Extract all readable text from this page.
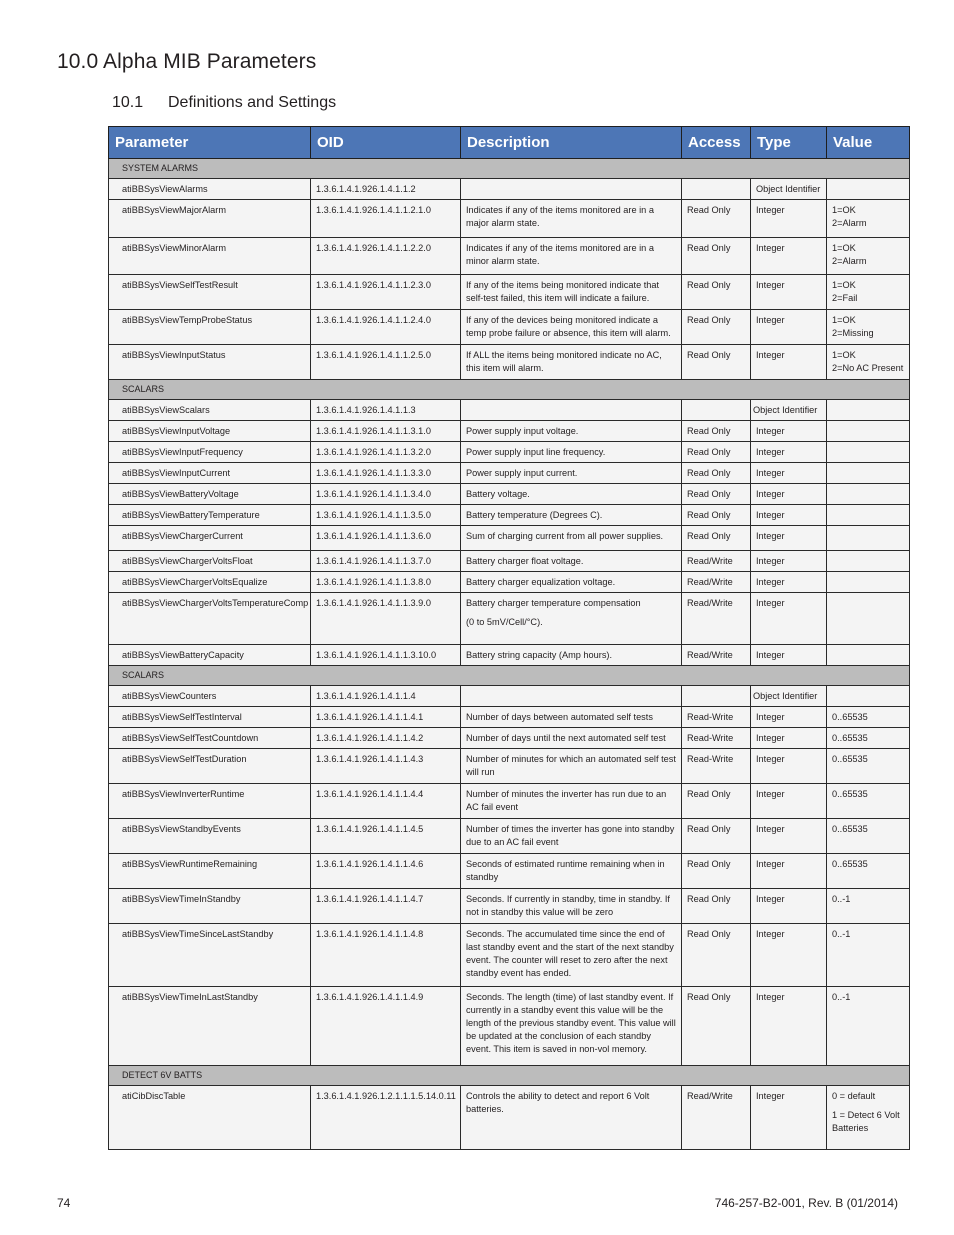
10.0 Alpha MIB Parameters
10.1 Definitions and Settings
Parameter	OID	Description	Access	Type	Value
SYSTEM ALARMS					
atiBBSysViewAlarms	1.3.6.1.4.1.926.1.4.1.1.2			Object Identifier	
atiBBSysViewMajorAlarm	1.3.6.1.4.1.926.1.4.1.1.2.1.0	Indicates if any of the items monitored are in a major alarm state.	Read Only	Integer	1=OK
2=Alarm
atiBBSysViewMinorAlarm	1.3.6.1.4.1.926.1.4.1.1.2.2.0	Indicates if any of the items monitored are in a minor alarm state.	Read Only	Integer	1=OK
2=Alarm
atiBBSysViewSelfTestResult	1.3.6.1.4.1.926.1.4.1.1.2.3.0	If any of the items being monitored indicate that self-test failed, this item will indicate a failure.	Read Only	Integer	1=OK
2=Fail
atiBBSysViewTempProbeStatus	1.3.6.1.4.1.926.1.4.1.1.2.4.0	If any of the devices being monitored indicate a temp probe failure or absence, this item will alarm.	Read Only	Integer	1=OK
2=Missing
atiBBSysViewInputStatus	1.3.6.1.4.1.926.1.4.1.1.2.5.0	If ALL the items being monitored indicate no AC, this item will alarm.	Read Only	Integer	1=OK
2=No AC Present
SCALARS					
atiBBSysViewScalars	1.3.6.1.4.1.926.1.4.1.1.3			Object Identifier	
atiBBSysViewInputVoltage	1.3.6.1.4.1.926.1.4.1.1.3.1.0	Power supply input voltage.	Read Only	Integer	
atiBBSysViewInputFrequency	1.3.6.1.4.1.926.1.4.1.1.3.2.0	Power supply input line frequency.	Read Only	Integer	
atiBBSysViewInputCurrent	1.3.6.1.4.1.926.1.4.1.1.3.3.0	Power supply input current.	Read Only	Integer	
atiBBSysViewBatteryVoltage	1.3.6.1.4.1.926.1.4.1.1.3.4.0	Battery voltage.	Read Only	Integer	
atiBBSysViewBatteryTemperature	1.3.6.1.4.1.926.1.4.1.1.3.5.0	Battery temperature (Degrees C).	Read Only	Integer	
atiBBSysViewChargerCurrent	1.3.6.1.4.1.926.1.4.1.1.3.6.0	Sum of charging current from all power supplies.	Read Only	Integer	
atiBBSysViewChargerVoltsFloat	1.3.6.1.4.1.926.1.4.1.1.3.7.0	Battery charger float voltage.	Read/Write	Integer	
atiBBSysViewChargerVoltsEqualize	1.3.6.1.4.1.926.1.4.1.1.3.8.0	Battery charger equalization voltage.	Read/Write	Integer	
atiBBSysViewChargerVoltsTemperatureComp	1.3.6.1.4.1.926.1.4.1.1.3.9.0	Battery charger temperature compensation
(0 to 5mV/Cell/°C).	Read/Write	Integer	
atiBBSysViewBatteryCapacity	1.3.6.1.4.1.926.1.4.1.1.3.10.0	Battery string capacity (Amp hours).	Read/Write	Integer	
SCALARS					
atiBBSysViewCounters	1.3.6.1.4.1.926.1.4.1.1.4			Object Identifier	
atiBBSysViewSelfTestInterval	1.3.6.1.4.1.926.1.4.1.1.4.1	Number of days between automated self tests	Read-Write	Integer	0..65535
atiBBSysViewSelfTestCountdown	1.3.6.1.4.1.926.1.4.1.1.4.2	Number of days until the next automated self test	Read-Write	Integer	0..65535
atiBBSysViewSelfTestDuration	1.3.6.1.4.1.926.1.4.1.1.4.3	Number of minutes for which an automated self test will run	Read-Write	Integer	0..65535
atiBBSysViewInverterRuntime	1.3.6.1.4.1.926.1.4.1.1.4.4	Number of minutes the inverter has run due to an AC fail event	Read Only	Integer	0..65535
atiBBSysViewStandbyEvents	1.3.6.1.4.1.926.1.4.1.1.4.5	Number of times the inverter has gone into standby due to an AC fail event	Read Only	Integer	0..65535
atiBBSysViewRuntimeRemaining	1.3.6.1.4.1.926.1.4.1.1.4.6	Seconds of estimated runtime remaining when in standby	Read Only	Integer	0..65535
atiBBSysViewTimeInStandby	1.3.6.1.4.1.926.1.4.1.1.4.7	Seconds. If currently in standby, time in standby. If not in standby this value will be zero	Read Only	Integer	0..-1
atiBBSysViewTimeSinceLastStandby	1.3.6.1.4.1.926.1.4.1.1.4.8	Seconds. The accumulated time since the end of last standby event and the start of the next standby event. The counter will reset to zero after the next standby event has ended.	Read Only	Integer	0..-1
atiBBSysViewTimeInLastStandby	1.3.6.1.4.1.926.1.4.1.1.4.9	Seconds. The length (time) of last standby event. If currently in a standby event this value will be the length of the previous standby event. This value will be updated at the conclusion of each standby event. This item is saved in non-vol memory.	Read Only	Integer	0..-1
DETECT 6V BATTS					
atiCibDiscTable	1.3.6.1.4.1.926.1.2.1.1.1.5.14.0.11	Controls the ability to detect and report 6 Volt batteries.	Read/Write	Integer	0 = default
1 = Detect 6 Volt Batteries
74	746-257-B2-001, Rev. B (01/2014)
